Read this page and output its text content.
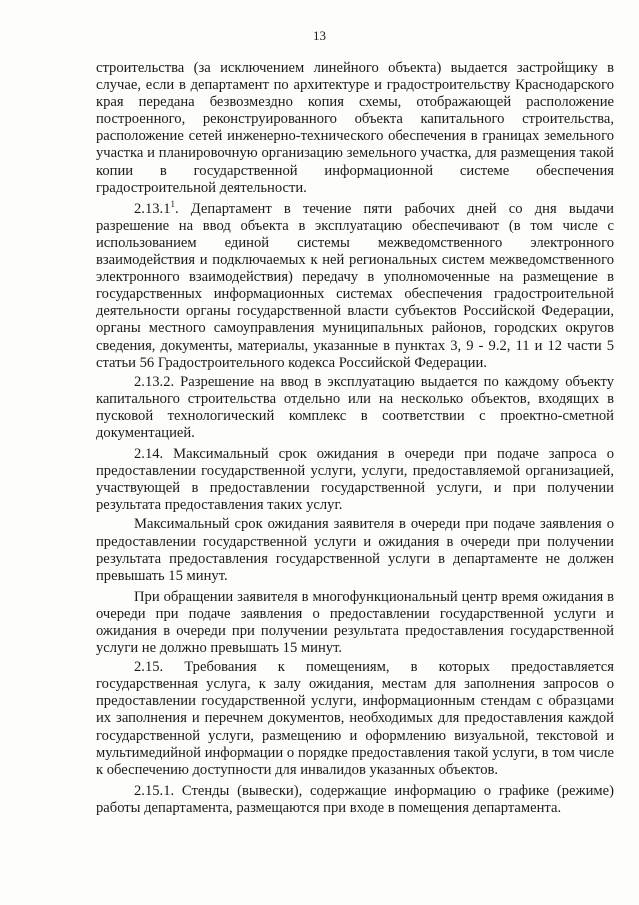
13

строительства (за исключением линейного объекта) выдается застройщику в случае, если в департамент по архитектуре и градостроительству Краснодарского края передана безвозмездно копия схемы, отображающей расположение построенного, реконструированного объекта капитального строительства, расположение сетей инженерно-технического обеспечения в границах земельного участка и планировочную организацию земельного участка, для размещения такой копии в государственной информационной системе обеспечения градостроительной деятельности.

2.13.1$^1$. Департамент в течение пяти рабочих дней со дня выдачи разрешение на ввод объекта в эксплуатацию обеспечивают (в том числе с использованием единой системы межведомственного электронного взаимодействия и подключаемых к ней региональных систем межведомственного электронного взаимодействия) передачу в уполномоченные на размещение в государственных информационных системах обеспечения градостроительной деятельности органы государственной власти субъектов Российской Федерации, органы местного самоуправления муниципальных районов, городских округов сведения, документы, материалы, указанные в пунктах 3, 9 - 9.2, 11 и 12 части 5 статьи 56 Градостроительного кодекса Российской Федерации.

2.13.2. Разрешение на ввод в эксплуатацию выдается по каждому объекту капитального строительства отдельно или на несколько объектов, входящих в пусковой технологический комплекс в соответствии с проектно-сметной документацией.

2.14. Максимальный срок ожидания в очереди при подаче запроса о предоставлении государственной услуги, услуги, предоставляемой организацией, участвующей в предоставлении государственной услуги, и при получении результата предоставления таких услуг.

Максимальный срок ожидания заявителя в очереди при подаче заявления о предоставлении государственной услуги и ожидания в очереди при получении результата предоставления государственной услуги в департаменте не должен превышать 15 минут.

При обращении заявителя в многофункциональный центр время ожидания в очереди при подаче заявления о предоставлении государственной услуги и ожидания в очереди при получении результата предоставления государственной услуги не должно превышать 15 минут.

2.15. Требования к помещениям, в которых предоставляется государственная услуга, к залу ожидания, местам для заполнения запросов о предоставлении государственной услуги, информационным стендам с образцами их заполнения и перечнем документов, необходимых для предоставления каждой государственной услуги, размещению и оформлению визуальной, текстовой и мультимедийной информации о порядке предоставления такой услуги, в том числе к обеспечению доступности для инвалидов указанных объектов.

2.15.1. Стенды (вывески), содержащие информацию о графике (режиме) работы департамента, размещаются при входе в помещения департамента.
